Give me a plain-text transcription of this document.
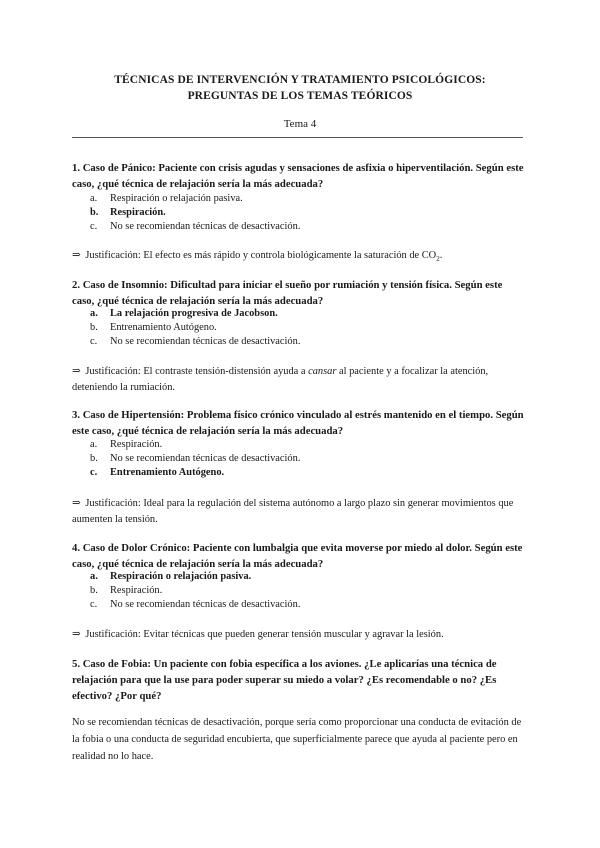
TÉCNICAS DE INTERVENCIÓN Y TRATAMIENTO PSICOLÓGICOS:
PREGUNTAS DE LOS TEMAS TEÓRICOS
Tema 4
1. Caso de Pánico: Paciente con crisis agudas y sensaciones de asfixia o hiperventilación. Según este caso, ¿qué técnica de relajación sería la más adecuada?
a. Respiración o relajación pasiva.
b. Respiración.
c. No se recomiendan técnicas de desactivación.
⇒ Justificación: El efecto es más rápido y controla biológicamente la saturación de $CO_2$.
2. Caso de Insomnio: Dificultad para iniciar el sueño por rumiación y tensión física. Según este caso, ¿qué técnica de relajación sería la más adecuada?
a. La relajación progresiva de Jacobson.
b. Entrenamiento Autógeno.
c. No se recomiendan técnicas de desactivación.
⇒ Justificación: El contraste tensión-distensión ayuda a cansar al paciente y a focalizar la atención, deteniendo la rumiación.
3. Caso de Hipertensión: Problema físico crónico vinculado al estrés mantenido en el tiempo. Según este caso, ¿qué técnica de relajación sería la más adecuada?
a. Respiración.
b. No se recomiendan técnicas de desactivación.
c. Entrenamiento Autógeno.
⇒ Justificación: Ideal para la regulación del sistema autónomo a largo plazo sin generar movimientos que aumenten la tensión.
4. Caso de Dolor Crónico: Paciente con lumbalgia que evita moverse por miedo al dolor. Según este caso, ¿qué técnica de relajación sería la más adecuada?
a. Respiración o relajación pasiva.
b. Respiración.
c. No se recomiendan técnicas de desactivación.
⇒ Justificación: Evitar técnicas que pueden generar tensión muscular y agravar la lesión.
5. Caso de Fobia: Un paciente con fobia específica a los aviones. ¿Le aplicarías una técnica de relajación para que la use para poder superar su miedo a volar? ¿Es recomendable o no? ¿Es efectivo? ¿Por qué?
No se recomiendan técnicas de desactivación, porque sería como proporcionar una conducta de evitación de la fobia o una conducta de seguridad encubierta, que superficialmente parece que ayuda al paciente pero en realidad no lo hace.
